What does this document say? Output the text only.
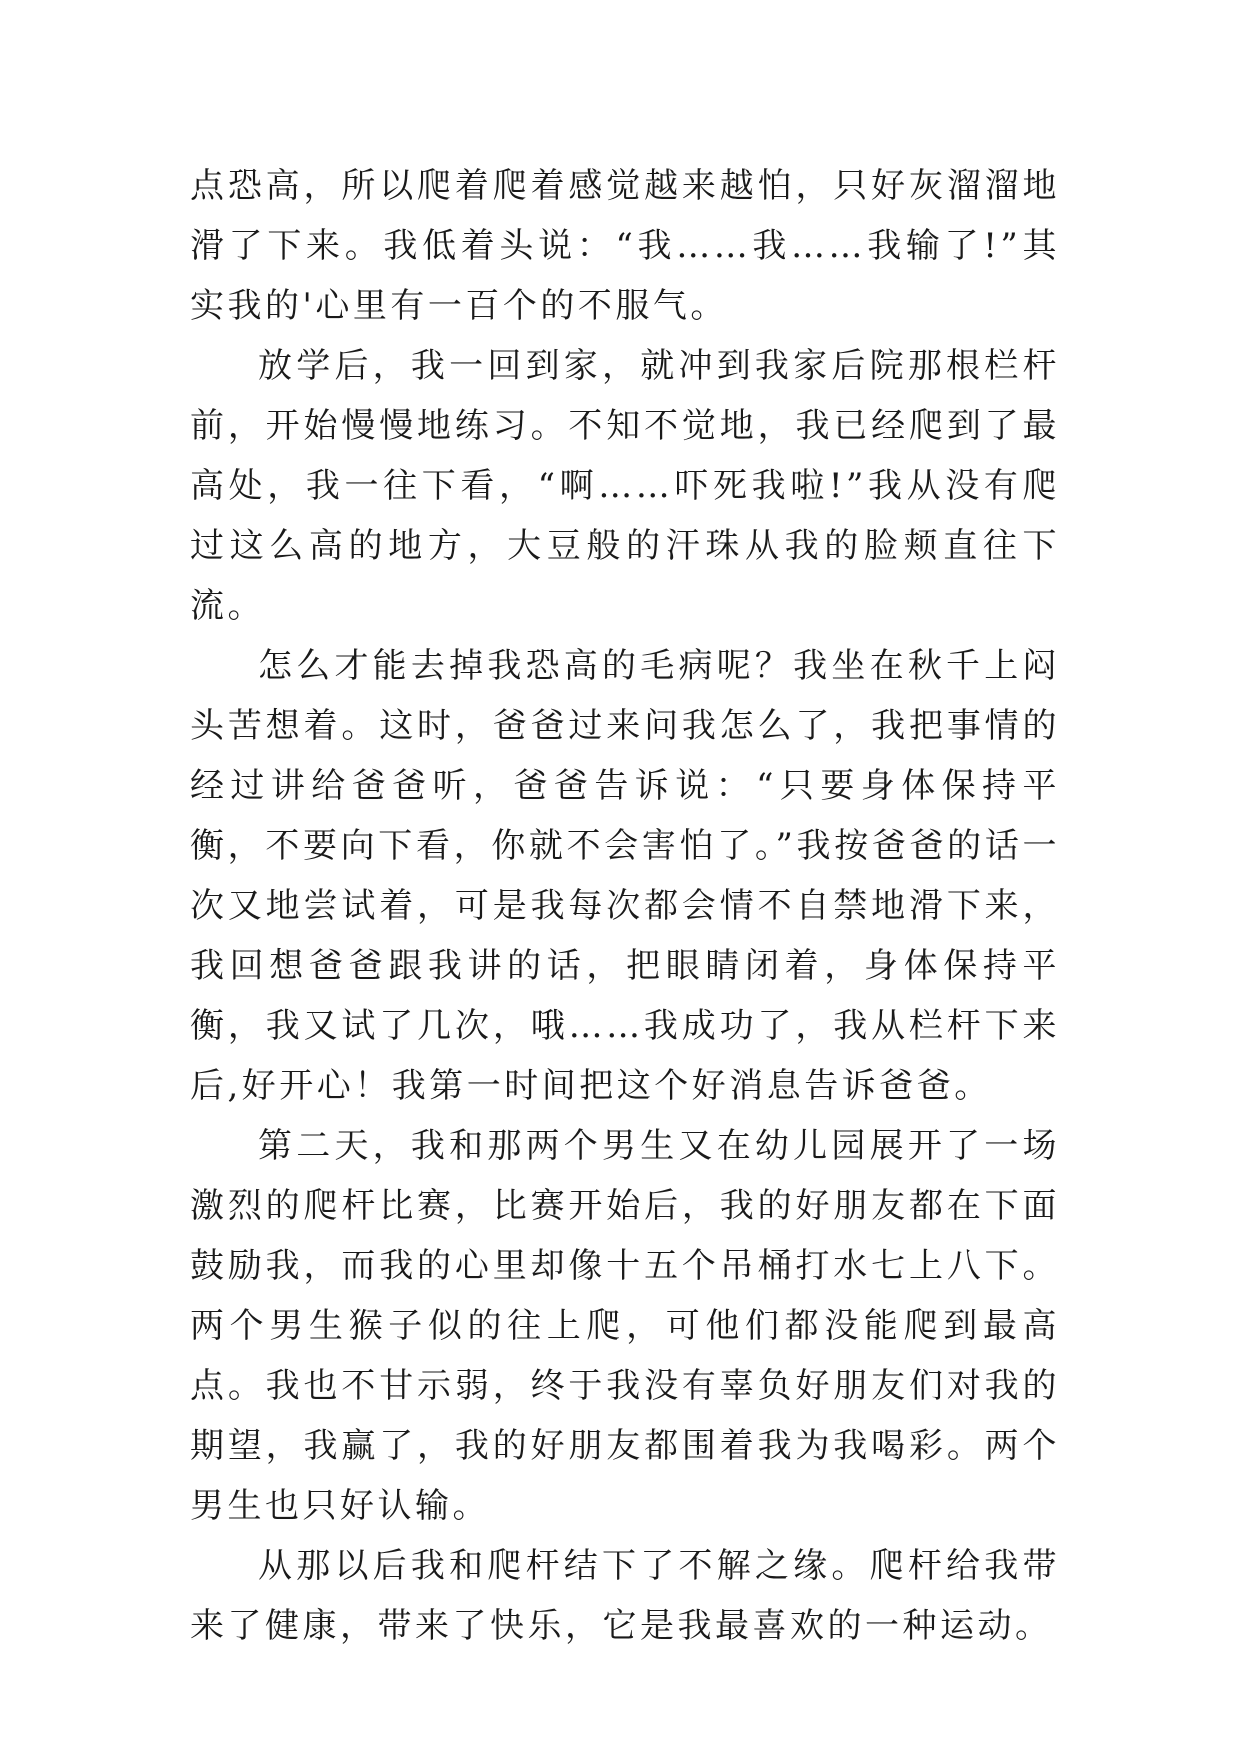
点恐高，所以爬着爬着感觉越来越怕，只好灰溜溜地滑了下来。我低着头说：“我……我……我输了!”其实我的'心里有一百个的不服气。

放学后，我一回到家，就冲到我家后院那根栏杆前，开始慢慢地练习。不知不觉地，我已经爬到了最高处，我一往下看，“啊……吓死我啦!”我从没有爬过这么高的地方，大豆般的汗珠从我的脸颊直往下流。

怎么才能去掉我恐高的毛病呢？我坐在秋千上闷头苦想着。这时，爸爸过来问我怎么了，我把事情的经过讲给爸爸听，爸爸告诉说：“只要身体保持平衡，不要向下看，你就不会害怕了。”我按爸爸的话一次又地尝试着，可是我每次都会情不自禁地滑下来，我回想爸爸跟我讲的话，把眼睛闭着，身体保持平衡，我又试了几次，哦……我成功了，我从栏杆下来后,好开心！我第一时间把这个好消息告诉爸爸。

第二天，我和那两个男生又在幼儿园展开了一场激烈的爬杆比赛，比赛开始后，我的好朋友都在下面鼓励我，而我的心里却像十五个吊桶打水七上八下。两个男生猴子似的往上爬，可他们都没能爬到最高点。我也不甘示弱，终于我没有辜负好朋友们对我的期望，我赢了，我的好朋友都围着我为我喝彩。两个男生也只好认输。

从那以后我和爬杆结下了不解之缘。爬杆给我带来了健康，带来了快乐，它是我最喜欢的一种运动。
